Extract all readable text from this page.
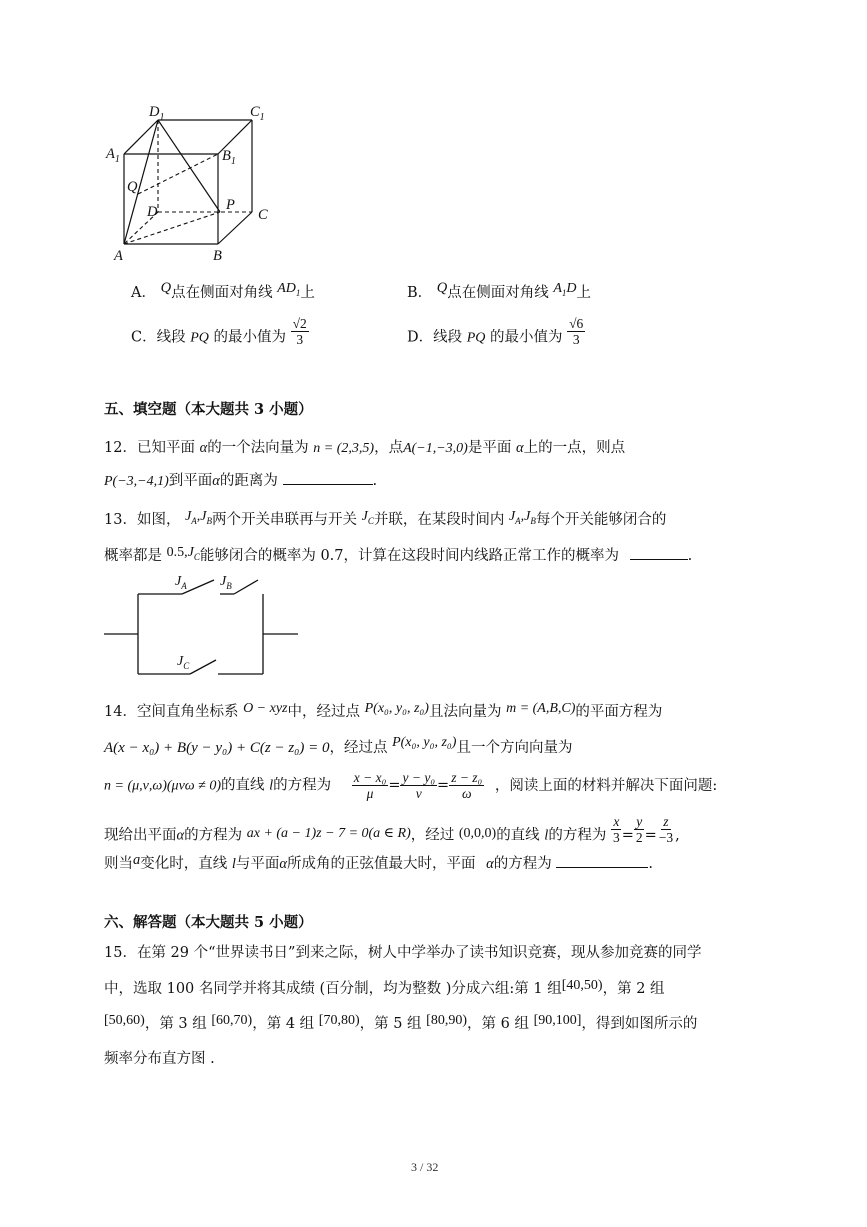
$D_1$	$C_1$
$A_1$	$B_1$
Q
D	P
C
A	B
A． Q点在侧面对角线 $AD_1$上	B． Q点在侧面对角线 $A_1D$上
C．线段 PQ 的最小值为 $\frac{√2}{3}$	D．线段 PQ 的最小值为 $\frac{√6}{3}$
五、填空题（本大题共 3 小题）
12．已知平面 α的一个法向量为 n = (2,3,5)，点A(−1,−3,0)是平面 α上的一点，则点
P(−3,−4,1)到平面α的距离为	.
13．如图， $J_A,J_B$两个开关串联再与开关 $J_C$并联，在某段时间内 $J_A,J_B$每个开关能够闭合的
概率都是 $0.5,J_C$能够闭合的概率为 0.7，计算在这段时间内线路正常工作的概率为	.
$J_A$ $J_B$
$J_C$
14．空间直角坐标系 O − xyz中，经过点 P(x₀, y₀, z₀)且法向量为 m = (A,B,C)的平面方程为
A(x − x₀) + B(y − y₀) + C(z − z₀) = 0，经过点 P(x₀, y₀, z₀)且一个方向向量为
n = (μ,ν,ω)(μνω ≠ 0)的直线 l的方程为 $\frac{\text{x − x₀}}{\mu} = \frac{\text{y − y₀}}{\nu} = \frac{\text{z − z₀}}{\omega}$ ，阅读上面的材料并解决下面问题:
现给出平面α的方程为 ax + (a − 1)z − 7 = 0(a ∈ R)，经过 (0,0,0)的直线 l的方程为 $\frac{x}{3} = \frac{y}{2} = \frac{z}{-3}$ ,
则当a变化时，直线 l与平面α所成角的正弦值最大时，平面 α的方程为	.
六、解答题（本大题共 5 小题）
15．在第 29 个“世界读书日”到来之际，树人中学举办了读书知识竞赛，现从参加竞赛的同学
中，选取 100 名同学并将其成绩 (百分制，均为整数 )分成六组:第 1 组[40,50)，第 2 组
[50,60)，第 3 组 [60,70)，第 4 组 [70,80)，第 5 组 [80,90)，第 6 组 [90,100]，得到如图所示的
频率分布直方图 .
3 / 32
